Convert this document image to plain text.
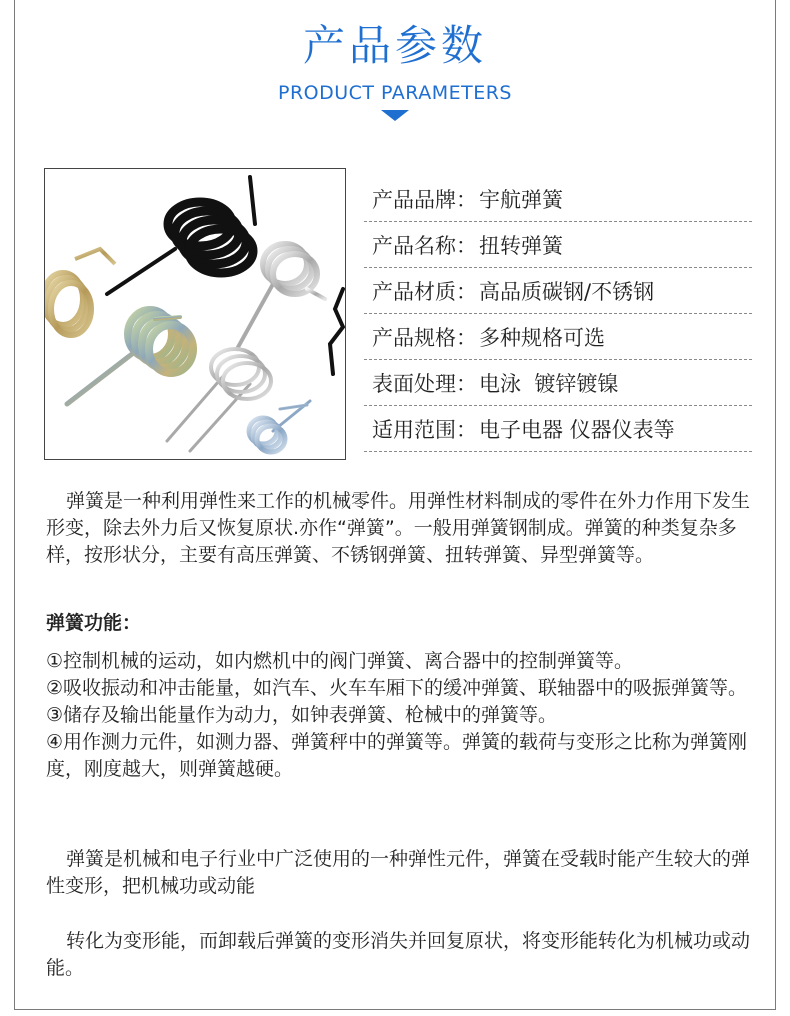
产品参数
PRODUCT PARAMETERS
产品品牌： 宇航弹簧
产品名称： 扭转弹簧
产品材质： 高品质碳钢/不锈钢
产品规格： 多种规格可选
表面处理： 电泳  镀锌镀镍
适用范围： 电子电器 仪器仪表等

弹簧是一种利用弹性来工作的机械零件。用弹性材料制成的零件在外力作用下发生形变，除去外力后又恢复原状.亦作“弹簧”。一般用弹簧钢制成。弹簧的种类复杂多样，按形状分，主要有高压弹簧、不锈钢弹簧、扭转弹簧、异型弹簧等。

弹簧功能：

①控制机械的运动，如内燃机中的阀门弹簧、离合器中的控制弹簧等。

②吸收振动和冲击能量，如汽车、火车车厢下的缓冲弹簧、联轴器中的吸振弹簧等。

③储存及输出能量作为动力，如钟表弹簧、枪械中的弹簧等。

④用作测力元件，如测力器、弹簧秤中的弹簧等。弹簧的载荷与变形之比称为弹簧刚度，刚度越大，则弹簧越硬。

弹簧是机械和电子行业中广泛使用的一种弹性元件，弹簧在受载时能产生较大的弹性变形，把机械功或动能

转化为变形能，而卸载后弹簧的变形消失并回复原状，将变形能转化为机械功或动能。
